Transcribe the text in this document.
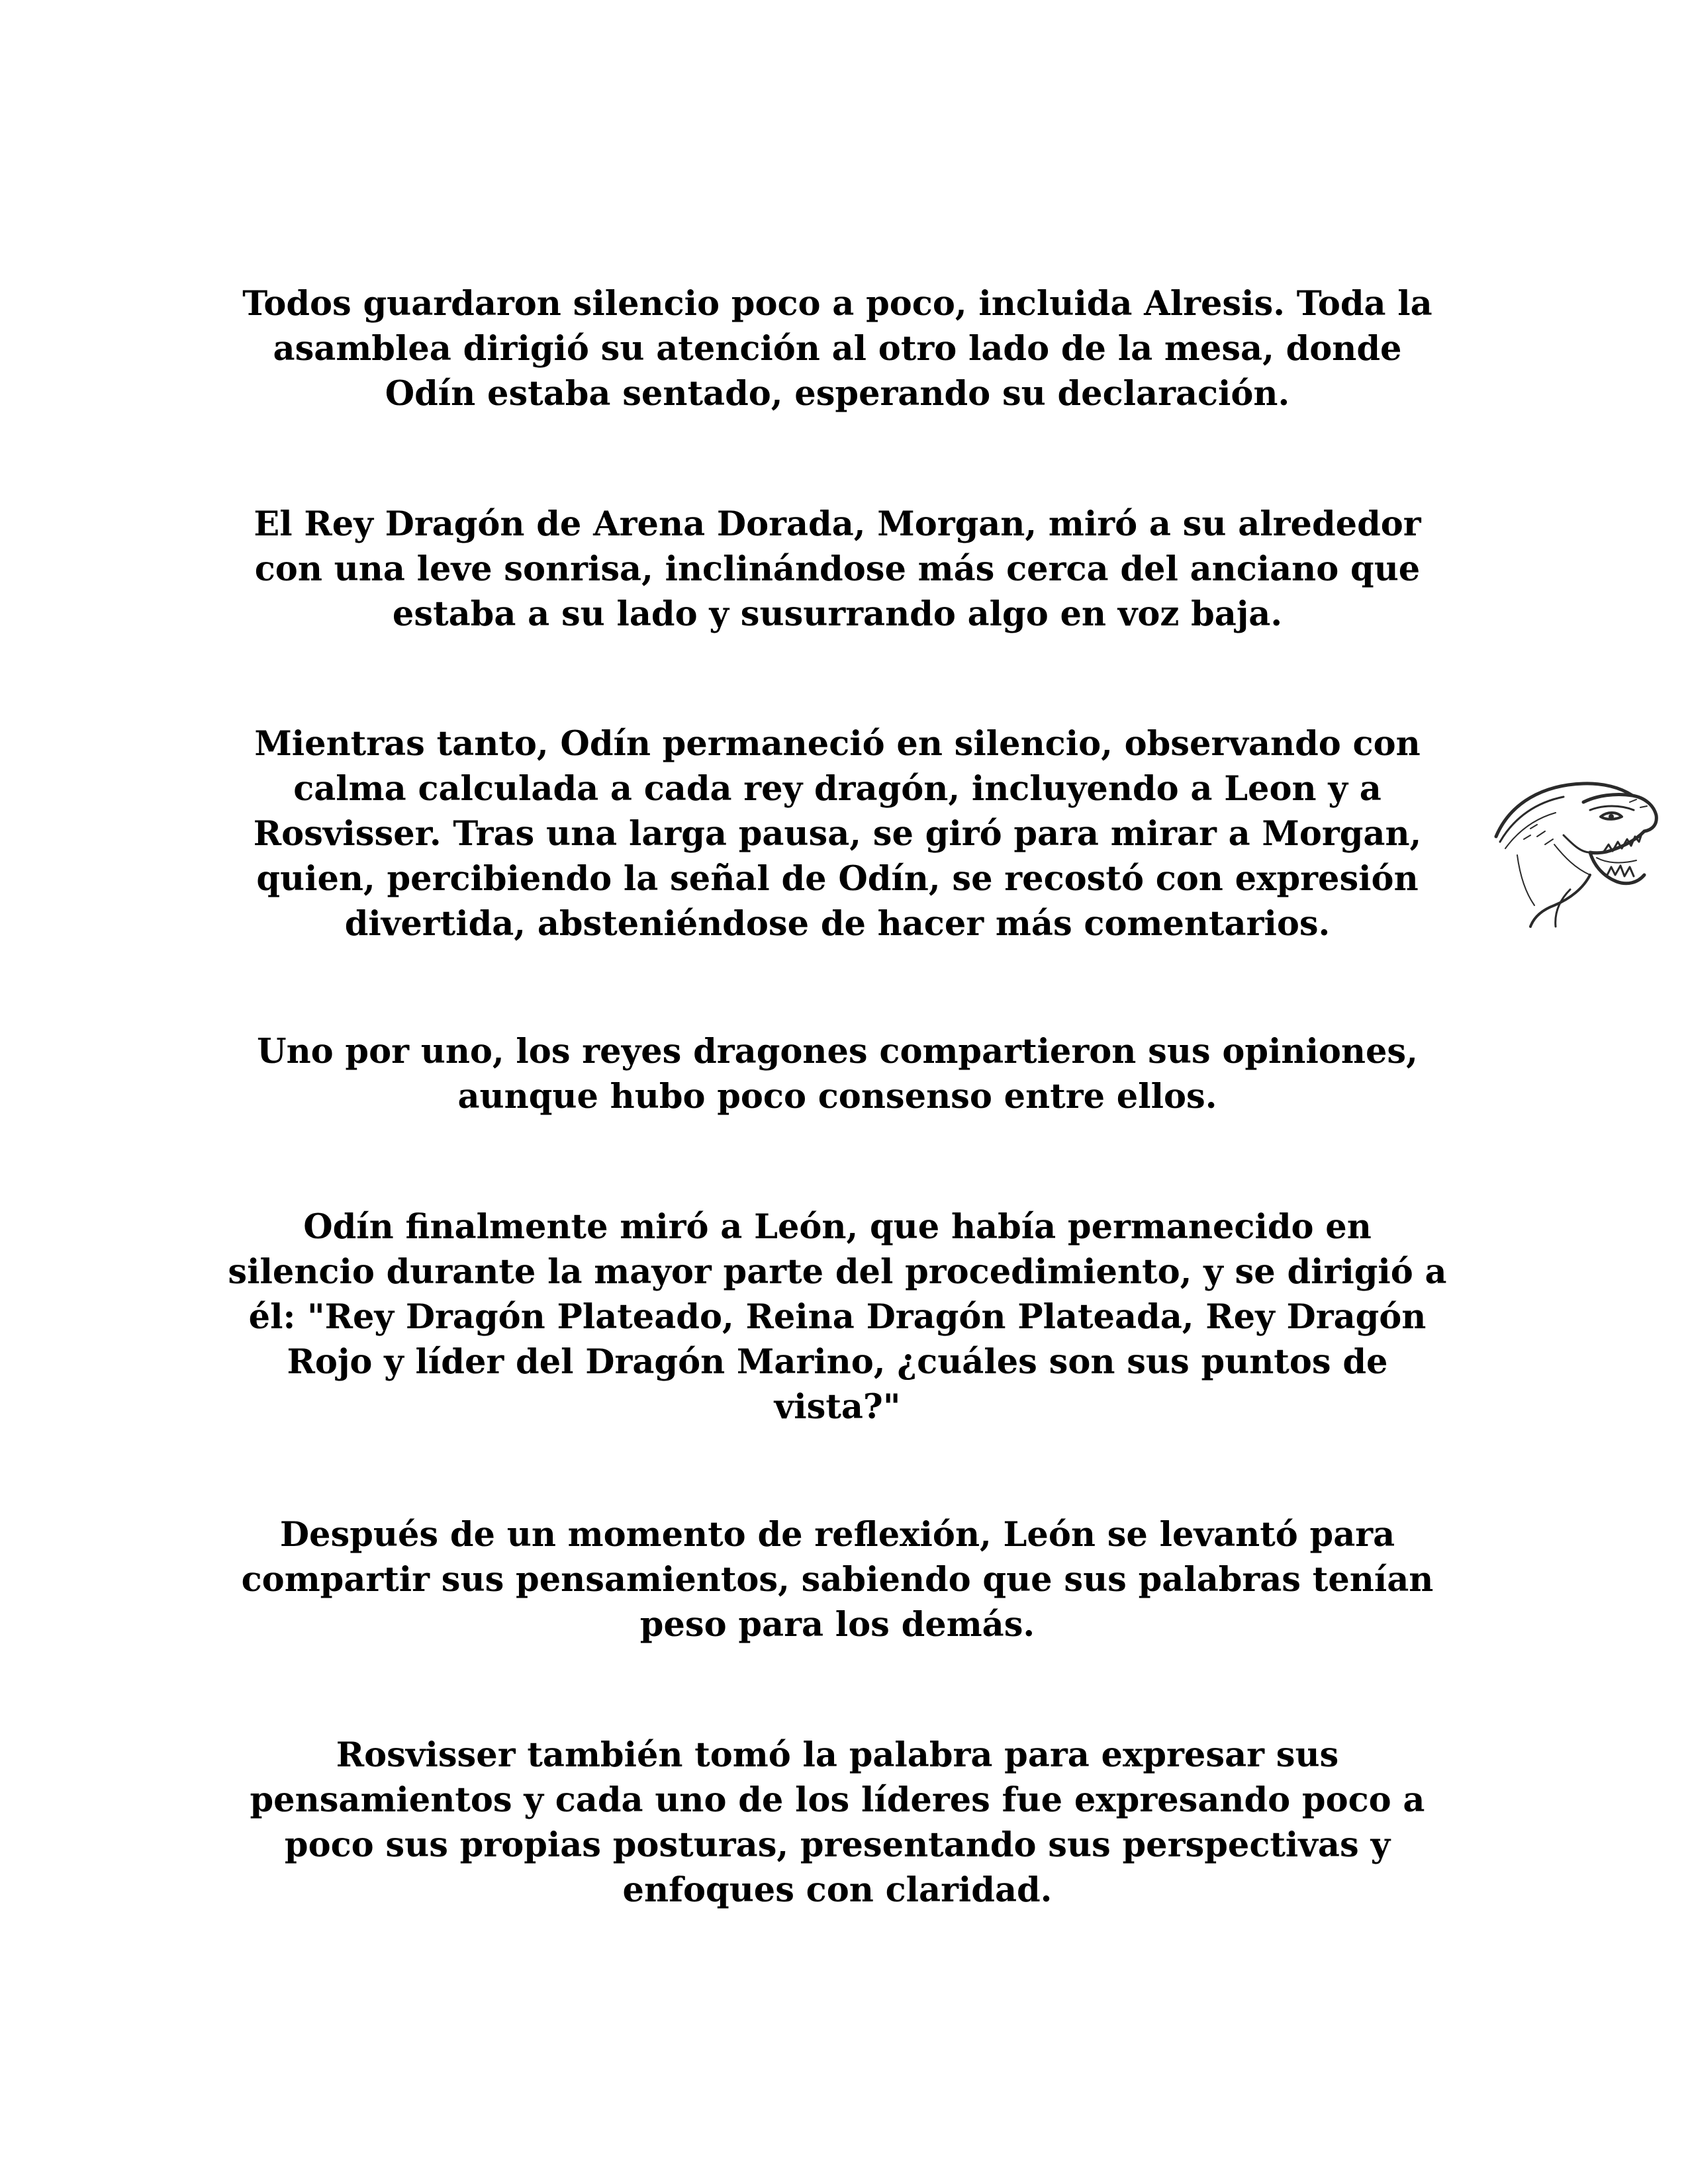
Todos guardaron silencio poco a poco, incluida Alresis. Toda la asamblea dirigió su atención al otro lado de la mesa, donde Odín estaba sentado, esperando su declaración.

El Rey Dragón de Arena Dorada, Morgan, miró a su alrededor con una leve sonrisa, inclinándose más cerca del anciano que estaba a su lado y susurrando algo en voz baja.

Mientras tanto, Odín permaneció en silencio, observando con calma calculada a cada rey dragón, incluyendo a Leon y a Rosvisser. Tras una larga pausa, se giró para mirar a Morgan, quien, percibiendo la señal de Odín, se recostó con expresión divertida, absteniéndose de hacer más comentarios.

Uno por uno, los reyes dragones compartieron sus opiniones, aunque hubo poco consenso entre ellos.

Odín finalmente miró a León, que había permanecido en silencio durante la mayor parte del procedimiento, y se dirigió a él: "Rey Dragón Plateado, Reina Dragón Plateada, Rey Dragón Rojo y líder del Dragón Marino, ¿cuáles son sus puntos de vista?"

Después de un momento de reflexión, León se levantó para compartir sus pensamientos, sabiendo que sus palabras tenían peso para los demás.

Rosvisser también tomó la palabra para expresar sus pensamientos y cada uno de los líderes fue expresando poco a poco sus propias posturas, presentando sus perspectivas y enfoques con claridad.
